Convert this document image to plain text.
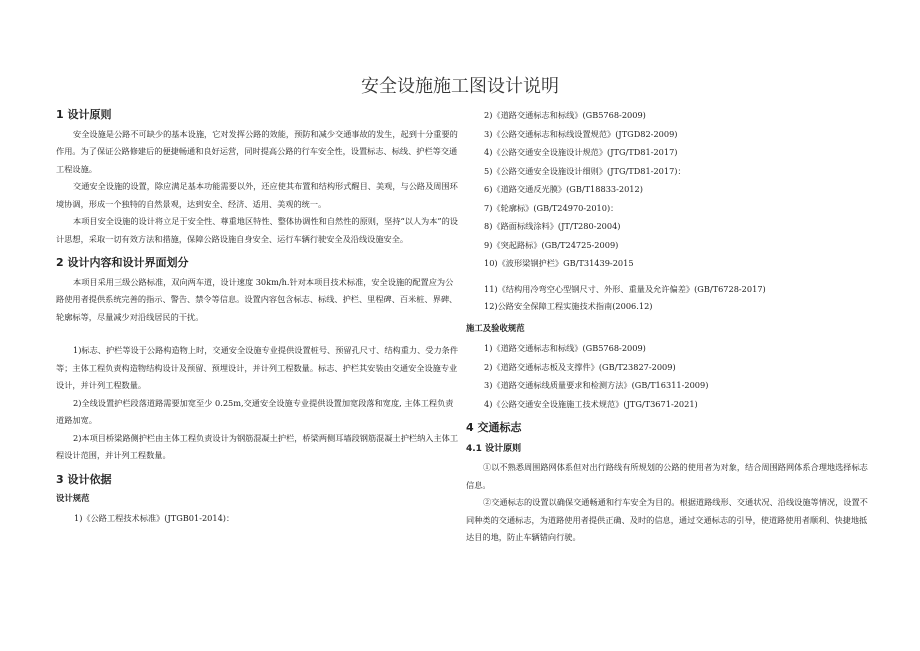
安全设施施工图设计说明
1 设计原则
安全设施是公路不可缺少的基本设施，它对发挥公路的效能，预防和减少交通事故的发生，起到十分重要的作用。为了保证公路修建后的便捷畅通和良好运营，同时提高公路的行车安全性，设置标志、标线、护栏等交通工程设施。
交通安全设施的设置，除应满足基本功能需要以外，还应使其布置和结构形式醒目、美观，与公路及周围环境协调，形成一个独特的自然景观，达到安全、经济、适用、美观的统一。
本项目安全设施的设计将立足于安全性、尊重地区特性、整体协调性和自然性的原则，坚持“以人为本”的设计思想，采取一切有效方法和措施，保障公路设施自身安全、运行车辆行驶安全及沿线设施安全。
2 设计内容和设计界面划分
本项目采用三级公路标准，双向两车道，设计速度 30km/h.针对本项目技术标准，安全设施的配置应为公路使用者提供系统完善的指示、警告、禁令等信息。设置内容包含标志、标线、护栏、里程碑、百米桩、界碑、轮廓标等，尽量减少对沿线居民的干扰。
1)标志、护栏等设于公路构造物上时，交通安全设施专业提供设置桩号、预留孔尺寸、结构重力、受力条件等；主体工程负责构造物结构设计及预留、预埋设计，并计列工程数量。标志、护栏其安装由交通安全设施专业设计，并计列工程数量。
2)全线设置护栏段落道路需要加宽至少 0.25m,交通安全设施专业提供设置加宽段落和宽度, 主体工程负责道路加宽。
2)本项目桥梁路侧护栏由主体工程负责设计为钢筋混凝土护栏，桥梁两侧耳墙段钢筋混凝土护栏纳入主体工程设计范围，并计列工程数量。
3 设计依据
设计规范
1)《公路工程技术标准》(JTGB01-2014)：
2)《道路交通标志和标线》(GB5768-2009)
3)《公路交通标志和标线设置规范》(JTGD82-2009)
4)《公路交通安全设施设计规范》(JTG/TD81-2017)
5)《公路交通安全设施设计细则》(JTG/TD81-2017)：
6)《道路交通反光膜》(GB/T18833-2012)
7)《轮廓标》(GB/T24970-2010)：
8)《路面标线涂料》(JT/T280-2004)
9)《突起路标》(GB/T24725-2009)
10)《波形梁钢护栏》GB/T31439-2015
11)《结构用冷弯空心型钢尺寸、外形、重量及允许偏差》(GB/T6728-2017)
12)公路安全保障工程实施技术指南(2006.12)
施工及验收规范
1)《道路交通标志和标线》(GB5768-2009)
2)《道路交通标志板及支撑件》(GB/T23827-2009)
3)《道路交通标线质量要求和检测方法》(GB/T16311-2009)
4)《公路交通安全设施施工技术规范》(JTG/T3671-2021)
4 交通标志
4.1 设计原则
①以不熟悉周围路网体系但对出行路线有所规划的公路的使用者为对象，结合周围路网体系合理地选择标志信息。
②交通标志的设置以确保交通畅通和行车安全为目的。根据道路线形、交通状况、沿线设施等情况，设置不同种类的交通标志，为道路使用者提供正确、及时的信息，通过交通标志的引导，使道路使用者顺利、快捷地抵达目的地，防止车辆错向行驶。
